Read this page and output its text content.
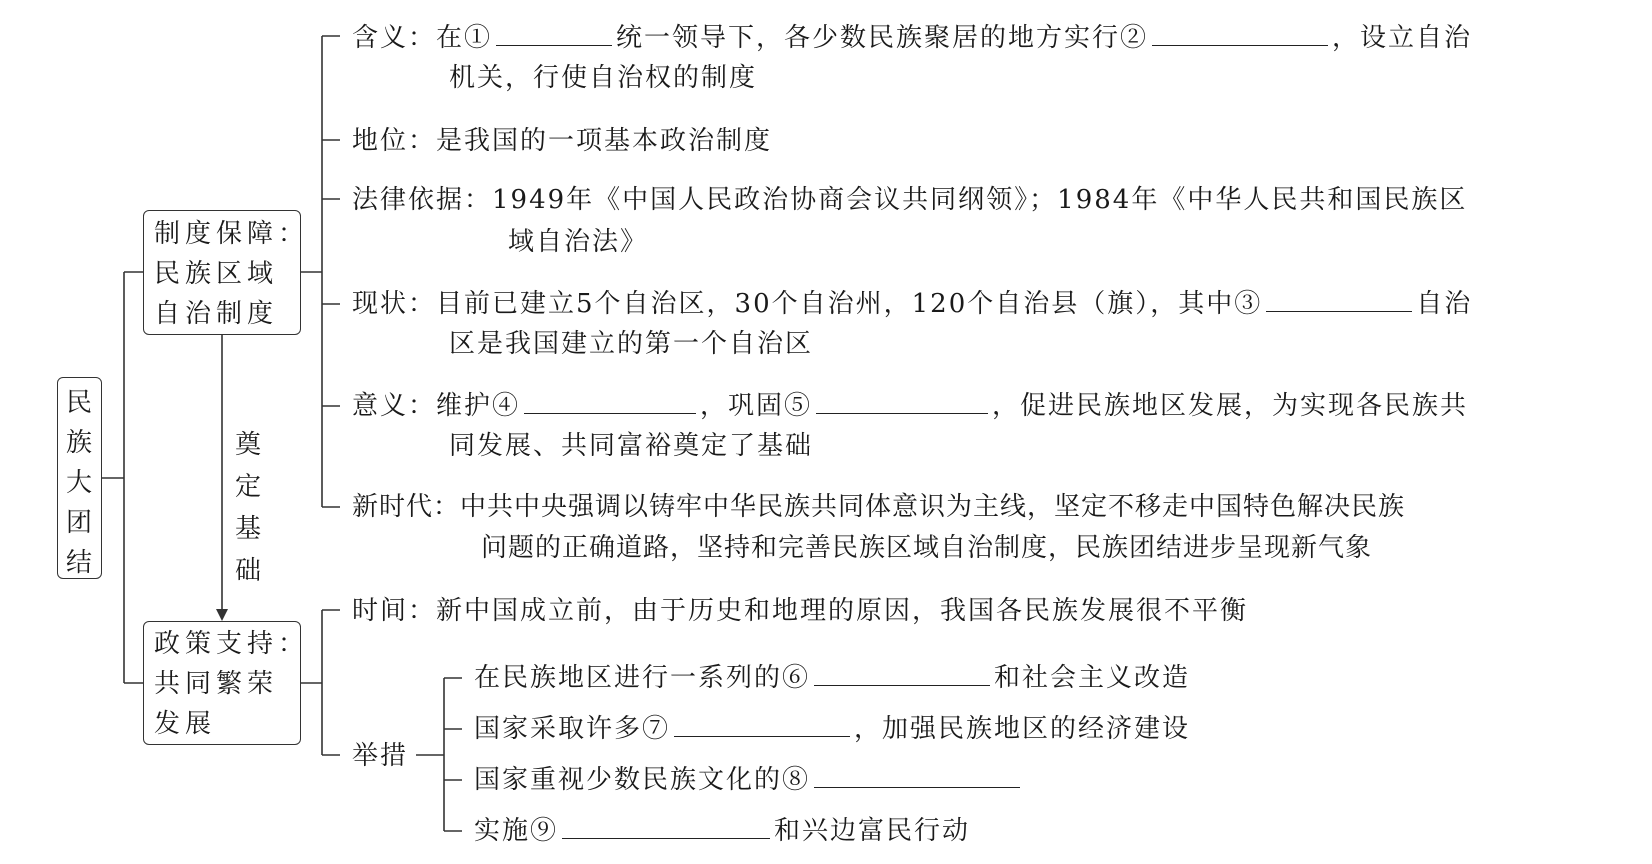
民
族
大
团
结
制度保障：
民族区域
自治制度
政策支持：
共同繁荣
发展
奠
定
基
础
含义：在①	统一领导下，各少数民族聚居的地方实行②	，设立自治
机关，行使自治权的制度
地位：是我国的一项基本政治制度
法律依据：1949年《中国人民政治协商会议共同纲领》；1984年《中华人民共和国民族区
域自治法》
现状：目前已建立5个自治区，30个自治州，120个自治县（旗），其中③	自治
区是我国建立的第一个自治区
意义：维护④	，巩固⑤	，促进民族地区发展，为实现各民族共
同发展、共同富裕奠定了基础
新时代：中共中央强调以铸牢中华民族共同体意识为主线，坚定不移走中国特色解决民族
问题的正确道路，坚持和完善民族区域自治制度，民族团结进步呈现新气象
时间：新中国成立前，由于历史和地理的原因，我国各民族发展很不平衡
举措
在民族地区进行一系列的⑥	和社会主义改造
国家采取许多⑦	，加强民族地区的经济建设
国家重视少数民族文化的⑧
实施⑨	和兴边富民行动
